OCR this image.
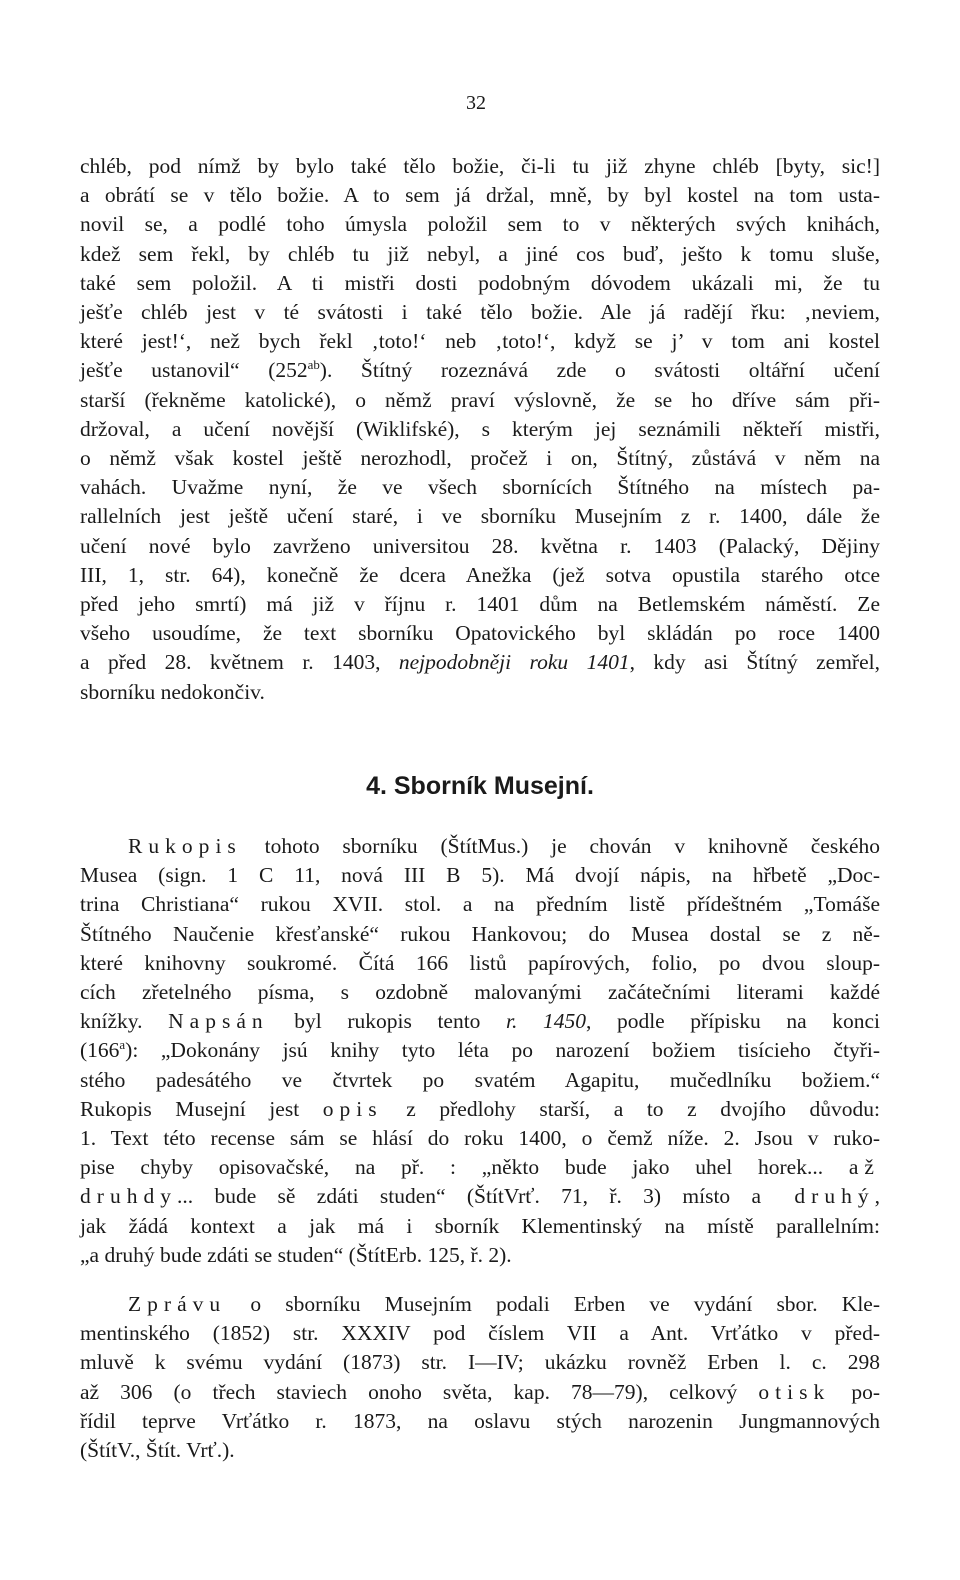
32
chléb, pod nímž by bylo také tělo božie, či-li tu již zhyne chléb [byty, sic!]
a obrátí se v tělo božie. A to sem já držal, mně, by byl kostel na tom usta-
novil se, a podlé toho úmysla položil sem to v některých svých knihách,
kdež sem řekl, by chléb tu již nebyl, a jiné cos buď, ješto k tomu sluše,
také sem položil. A ti mistři dosti podobným dóvodem ukázali mi, že tu
ješťe chléb jest v té svátosti i také tělo božie. Ale já radějí řku: ‚neviem,
které jest!‘, než bych řekl ‚toto!‘ neb ‚toto!‘, když se j’ v tom ani kostel
ješťe ustanovil“ $(252^{ab})$. Štítný rozeznává zde o svátosti oltářní učení
starší (řekněme katolické), o němž praví výslovně, že se ho dříve sám při-
držoval, a učení novější (Wiklifské), s kterým jej seznámili někteří mistři,
o němž však kostel ještě nerozhodl, pročež i on, Štítný, zůstává v něm na
vahách. Uvažme nyní, že ve všech sbornících Štítného na místech pa-
rallelních jest ještě učení staré, i ve sborníku Musejním z r. 1400, dále že
učení nové bylo zavrženo universitou 28. května r. 1403 (Palacký, Dějiny
III, 1, str. 64), konečně že dcera Anežka (jež sotva opustila starého otce
před jeho smrtí) má již v říjnu r. 1401 dům na Betlemském náměstí. Ze
všeho usoudíme, že text sborníku Opatovického byl skládán po roce 1400
a před 28. květnem r. 1403, nejpodobněji roku 1401, kdy asi Štítný zemřel,
sborníku nedokončiv.
4. Sborník Musejní.
Rukopis tohoto sborníku (ŠtítMus.) je chován v knihovně českého
Musea (sign. 1 C 11, nová III B 5). Má dvojí nápis, na hřbetě „Doc-
trina Christiana“ rukou XVII. stol. a na předním listě přídeštném „Tomáše
Štítného Naučenie křesťanské“ rukou Hankovou; do Musea dostal se z ně-
které knihovny soukromé. Čítá 166 listů papírových, folio, po dvou sloup-
cích zřetelného písma, s ozdobně malovanými začátečními literami každé
knížky. Napsán byl rukopis tento r. 1450, podle přípisku na konci
(166$^a$): „Dokonány jsú knihy tyto léta po narození božiem tisícieho čtyři-
stého padesátého ve čtvrtek po svatém Agapitu, mučedlníku božiem.“
Rukopis Musejní jest opis z předlohy starší, a to z dvojího důvodu:
1. Text této recense sám se hlásí do roku 1400, o čemž níže. 2. Jsou v ruko-
pise chyby opisovačské, na př. : „někto bude jako uhel horek... až
druhdy... bude sě zdáti studen“ (ŠtítVrť. 71, ř. 3) místo a druhý,
jak žádá kontext a jak má i sborník Klementinský na místě parallelním:
„a druhý bude zdáti se studen“ (ŠtítErb. 125, ř. 2).
Zprávu o sborníku Musejním podali Erben ve vydání sbor. Kle-
mentinského (1852) str. XXXIV pod číslem VII a Ant. Vrťátko v před-
mluvě k svému vydání (1873) str. I—IV; ukázku rovněž Erben l. c. 298
až 306 (o třech staviech onoho světa, kap. 78—79), celkový otisk po-
řídil teprve Vrťátko r. 1873, na oslavu stých narozenin Jungmannových
(ŠtítV., Štít. Vrť.).
